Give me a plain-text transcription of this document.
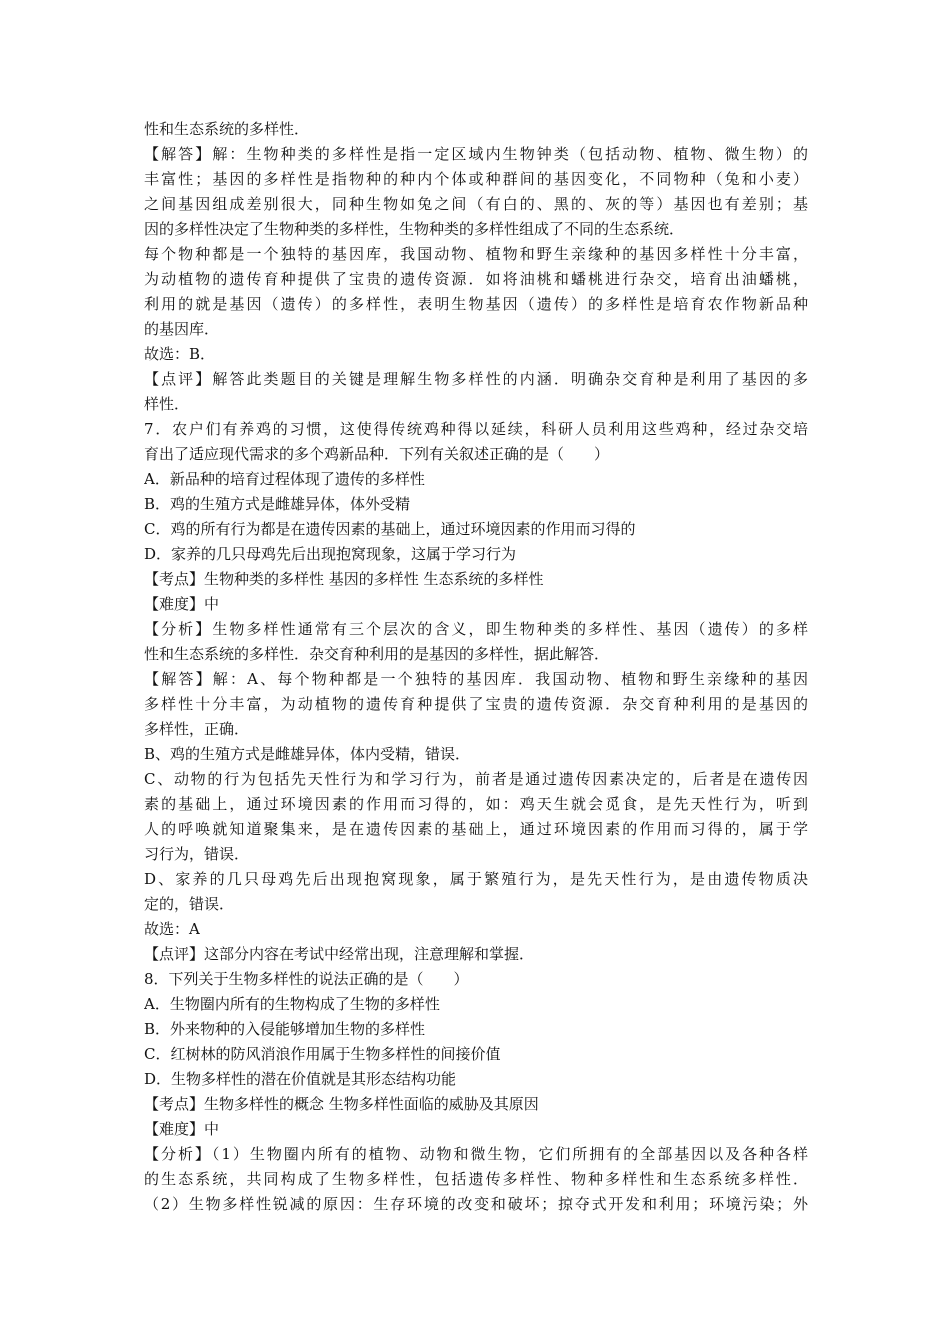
性和生态系统的多样性．
【解答】解：生物种类的多样性是指一定区域内生物钟类（包括动物、植物、微生物）的
丰富性；基因的多样性是指物种的种内个体或种群间的基因变化，不同物种（兔和小麦）
之间基因组成差别很大，同种生物如兔之间（有白的、黑的、灰的等）基因也有差别；基
因的多样性决定了生物种类的多样性，生物种类的多样性组成了不同的生态系统．
每个物种都是一个独特的基因库，我国动物、植物和野生亲缘种的基因多样性十分丰富，
为动植物的遗传育种提供了宝贵的遗传资源．如将油桃和蟠桃进行杂交，培育出油蟠桃，
利用的就是基因（遗传）的多样性，表明生物基因（遗传）的多样性是培育农作物新品种
的基因库．
故选：B．
【点评】解答此类题目的关键是理解生物多样性的内涵．明确杂交育种是利用了基因的多
样性．
7．农户们有养鸡的习惯，这使得传统鸡种得以延续，科研人员利用这些鸡种，经过杂交培
育出了适应现代需求的多个鸡新品种．下列有关叙述正确的是（　　）
A．新品种的培育过程体现了遗传的多样性
B．鸡的生殖方式是雌雄异体，体外受精
C．鸡的所有行为都是在遗传因素的基础上，通过环境因素的作用而习得的
D．家养的几只母鸡先后出现抱窝现象，这属于学习行为
【考点】生物种类的多样性 基因的多样性 生态系统的多样性
【难度】中
【分析】生物多样性通常有三个层次的含义，即生物种类的多样性、基因（遗传）的多样
性和生态系统的多样性．杂交育种利用的是基因的多样性，据此解答．
【解答】解：A、每个物种都是一个独特的基因库．我国动物、植物和野生亲缘种的基因
多样性十分丰富，为动植物的遗传育种提供了宝贵的遗传资源．杂交育种利用的是基因的
多样性，正确．
B、鸡的生殖方式是雌雄异体，体内受精，错误．
C、动物的行为包括先天性行为和学习行为，前者是通过遗传因素决定的，后者是在遗传因
素的基础上，通过环境因素的作用而习得的，如：鸡天生就会觅食，是先天性行为，听到
人的呼唤就知道聚集来，是在遗传因素的基础上，通过环境因素的作用而习得的，属于学
习行为，错误．
D、家养的几只母鸡先后出现抱窝现象，属于繁殖行为，是先天性行为，是由遗传物质决
定的，错误．
故选：A
【点评】这部分内容在考试中经常出现，注意理解和掌握．
8．下列关于生物多样性的说法正确的是（　　）
A．生物圈内所有的生物构成了生物的多样性
B．外来物种的入侵能够增加生物的多样性
C．红树林的防风消浪作用属于生物多样性的间接价值
D．生物多样性的潜在价值就是其形态结构功能
【考点】生物多样性的概念 生物多样性面临的威胁及其原因
【难度】中
【分析】（1）生物圈内所有的植物、动物和微生物，它们所拥有的全部基因以及各种各样
的生态系统，共同构成了生物多样性，包括遗传多样性、物种多样性和生态系统多样性．
（2）生物多样性锐减的原因：生存环境的改变和破坏；掠夺式开发和利用；环境污染；外
